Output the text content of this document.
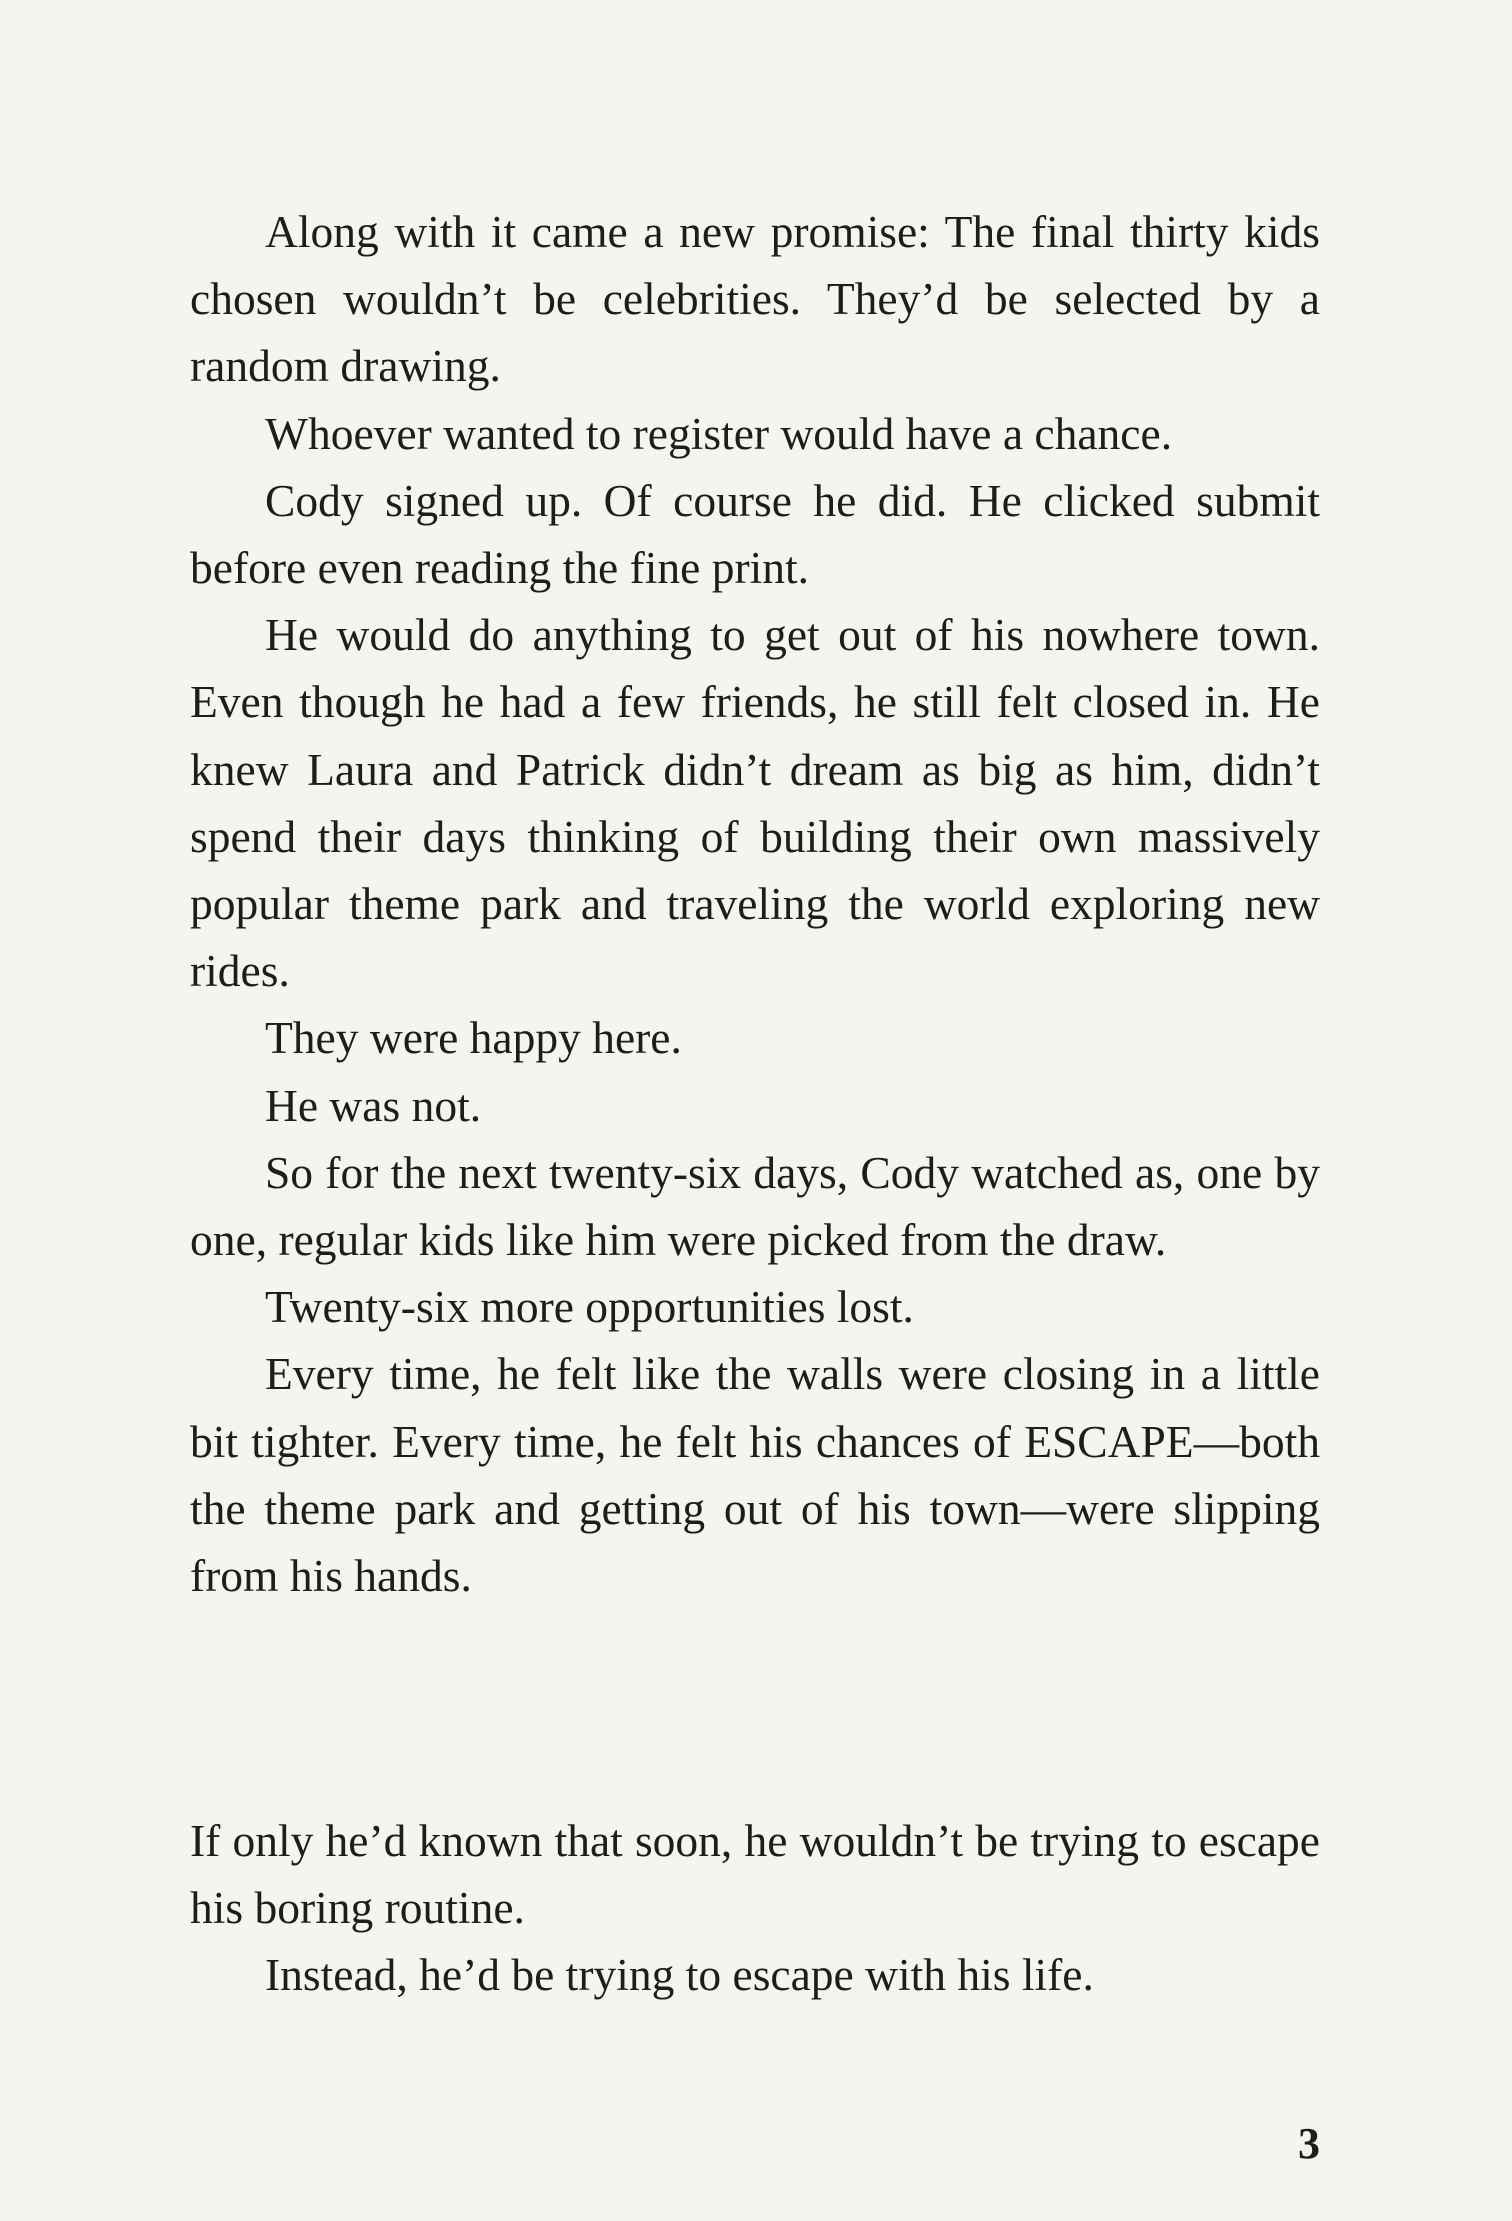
Along with it came a new promise: The final thirty kids chosen wouldn’t be celebrities. They’d be selected by a random drawing.

Whoever wanted to register would have a chance.

Cody signed up. Of course he did. He clicked submit before even reading the fine print.

He would do anything to get out of his nowhere town. Even though he had a few friends, he still felt closed in. He knew Laura and Patrick didn’t dream as big as him, didn’t spend their days thinking of building their own massively popular theme park and traveling the world exploring new rides.

They were happy here.

He was not.

So for the next twenty-six days, Cody watched as, one by one, regular kids like him were picked from the draw.

Twenty-six more opportunities lost.

Every time, he felt like the walls were closing in a little bit tighter. Every time, he felt his chances of ESCAPE—both the theme park and getting out of his town—were slipping from his hands.

If only he’d known that soon, he wouldn’t be trying to escape his boring routine.

Instead, he’d be trying to escape with his life.

3
